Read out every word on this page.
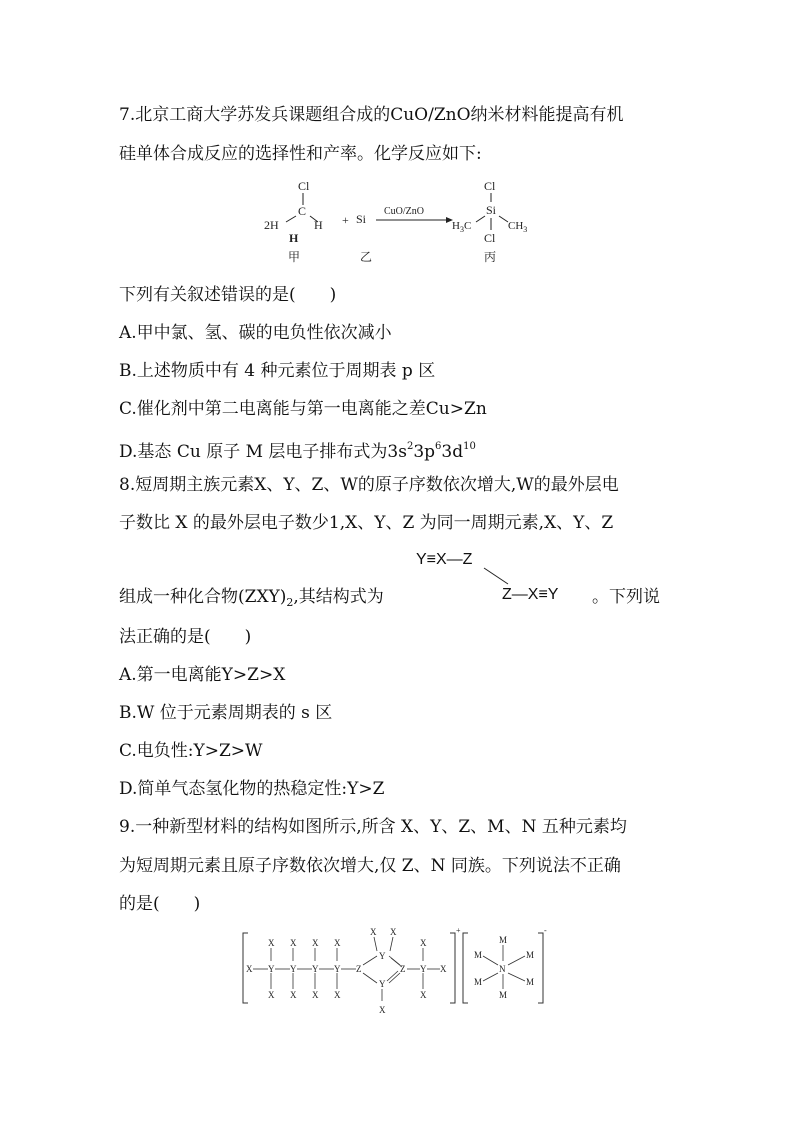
7.北京工商大学苏发兵课题组合成的CuO/ZnO纳米材料能提高有机
硅单体合成反应的选择性和产率。化学反应如下:
Cl
C
2H	H
H
甲
+ Si
乙
CuO/ZnO
Cl
Si
$H_3C$	$CH_3$
Cl
丙
下列有关叙述错误的是(　　)
A.甲中氯、氢、碳的电负性依次减小
B.上述物质中有 4 种元素位于周期表 p 区
C.催化剂中第二电离能与第一电离能之差Cu>Zn
D.基态 Cu 原子 M 层电子排布式为$3s^23p^63d^{10}$
8.短周期主族元素X、Y、Z、W的原子序数依次增大,W的最外层电
子数比 X 的最外层电子数少1,X、Y、Z 为同一周期元素,X、Y、Z
Y≡X—Z
Z—X≡Y
组成一种化合物$(ZXY)_2$,其结构式为	。下列说
法正确的是(　　)
A.第一电离能Y>Z>X
B.W 位于元素周期表的 s 区
C.电负性:Y>Z>W
D.简单气态氢化物的热稳定性:Y>Z
9.一种新型材料的结构如图所示,所含 X、Y、Z、M、N 五种元素均
为短周期元素且原子序数依次增大,仅 Z、N 同族。下列说法不正确
的是(　　)
+
X Y Y Y Y Z
X X X X
X X X X
X X
Y
Z
Y
X
Y X
X
X
-
M
M	M
N
M	M
M
